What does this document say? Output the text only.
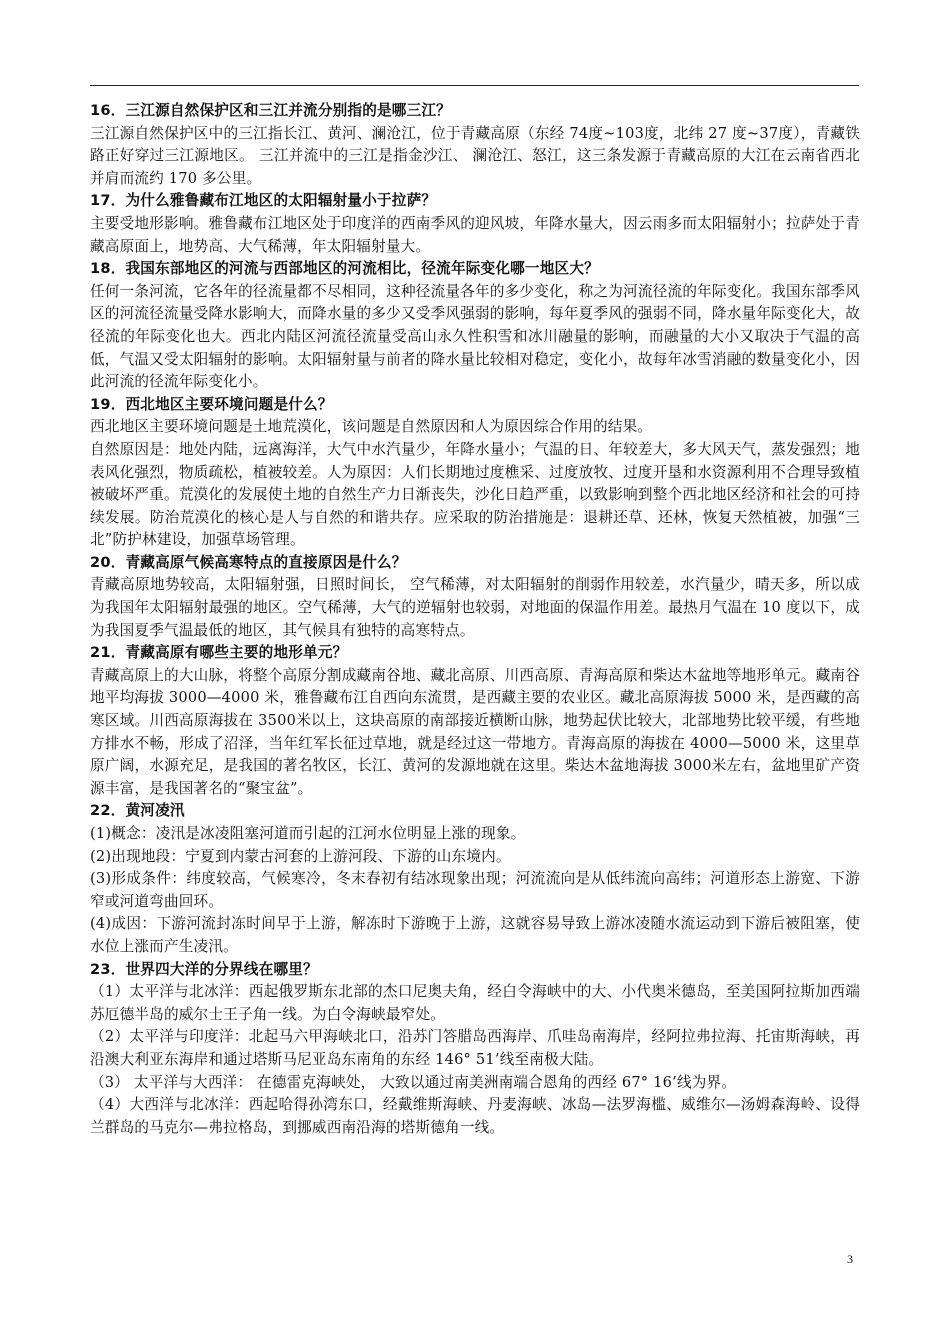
16．三江源自然保护区和三江并流分别指的是哪三江？

三江源自然保护区中的三江指长江、黄河、澜沧江，位于青藏高原（东经 74度~103度，北纬 27 度~37度），青藏铁路正好穿过三江源地区。 三江并流中的三江是指金沙江、 澜沧江、怒江，这三条发源于青藏高原的大江在云南省西北并肩而流约 170 多公里。

17．为什么雅鲁藏布江地区的太阳辐射量小于拉萨？

主要受地形影响。雅鲁藏布江地区处于印度洋的西南季风的迎风坡，年降水量大，因云雨多而太阳辐射小；拉萨处于青藏高原面上，地势高、大气稀薄，年太阳辐射量大。

18．我国东部地区的河流与西部地区的河流相比，径流年际变化哪一地区大？

任何一条河流，它各年的径流量都不尽相同，这种径流量各年的多少变化，称之为河流径流的年际变化。我国东部季风区的河流径流量受降水影响大，而降水量的多少又受季风强弱的影响，每年夏季风的强弱不同，降水量年际变化大，故径流的年际变化也大。西北内陆区河流径流量受高山永久性积雪和冰川融量的影响，而融量的大小又取决于气温的高低，气温又受太阳辐射的影响。太阳辐射量与前者的降水量比较相对稳定，变化小，故每年冰雪消融的数量变化小，因此河流的径流年际变化小。

19．西北地区主要环境问题是什么？

西北地区主要环境问题是土地荒漠化，该问题是自然原因和人为原因综合作用的结果。

自然原因是：地处内陆，远离海洋，大气中水汽量少，年降水量小；气温的日、年较差大，多大风天气，蒸发强烈；地表风化强烈，物质疏松，植被较差。人为原因：人们长期地过度樵采、过度放牧、过度开垦和水资源利用不合理导致植被破坏严重。荒漠化的发展使土地的自然生产力日渐丧失，沙化日趋严重，以致影响到整个西北地区经济和社会的可持续发展。防治荒漠化的核心是人与自然的和谐共存。应采取的防治措施是：退耕还草、还林，恢复天然植被，加强“三北”防护林建设，加强草场管理。

20．青藏高原气候高寒特点的直接原因是什么？

青藏高原地势较高，太阳辐射强，日照时间长， 空气稀薄，对太阳辐射的削弱作用较差，水汽量少，晴天多，所以成为我国年太阳辐射最强的地区。空气稀薄，大气的逆辐射也较弱，对地面的保温作用差。最热月气温在 10 度以下，成为我国夏季气温最低的地区，其气候具有独特的高寒特点。

21．青藏高原有哪些主要的地形单元？

青藏高原上的大山脉，将整个高原分割成藏南谷地、藏北高原、川西高原、青海高原和柴达木盆地等地形单元。藏南谷地平均海拔 3000—4000 米，雅鲁藏布江自西向东流贯，是西藏主要的农业区。藏北高原海拔 5000 米，是西藏的高寒区域。川西高原海拔在 3500米以上，这块高原的南部接近横断山脉，地势起伏比较大，北部地势比较平缓，有些地方排水不畅，形成了沼泽，当年红军长征过草地，就是经过这一带地方。青海高原的海拔在 4000—5000 米，这里草原广阔，水源充足，是我国的著名牧区，长江、黄河的发源地就在这里。柴达木盆地海拔 3000米左右，盆地里矿产资源丰富，是我国著名的“聚宝盆”。

22．黄河凌汛

(1)概念：凌汛是冰凌阻塞河道而引起的江河水位明显上涨的现象。

(2)出现地段：宁夏到内蒙古河套的上游河段、下游的山东境内。

(3)形成条件：纬度较高，气候寒冷，冬末春初有结冰现象出现；河流流向是从低纬流向高纬；河道形态上游宽、下游窄或河道弯曲回环。

(4)成因：下游河流封冻时间早于上游，解冻时下游晚于上游，这就容易导致上游冰凌随水流运动到下游后被阻塞，使水位上涨而产生凌汛。

23．世界四大洋的分界线在哪里？

（1）太平洋与北冰洋：西起俄罗斯东北部的杰口尼奥夫角，经白令海峡中的大、小代奥米德岛，至美国阿拉斯加西端苏厄德半岛的威尔士王子角一线。为白令海峡最窄处。

（2）太平洋与印度洋：北起马六甲海峡北口，沿苏门答腊岛西海岸、爪哇岛南海岸，经阿拉弗拉海、托宙斯海峡，再沿澳大利亚东海岸和通过塔斯马尼亚岛东南角的东经 146° 51’线至南极大陆。

（3） 太平洋与大西洋： 在德雷克海峡处， 大致以通过南美洲南端合恩角的西经 67° 16’线为界。

（4）大西洋与北冰洋：西起哈得孙湾东口，经戴维斯海峡、丹麦海峡、冰岛—法罗海槛、威维尔—汤姆森海岭、设得兰群岛的马克尔—弗拉格岛，到挪威西南沿海的塔斯德角一线。

3
